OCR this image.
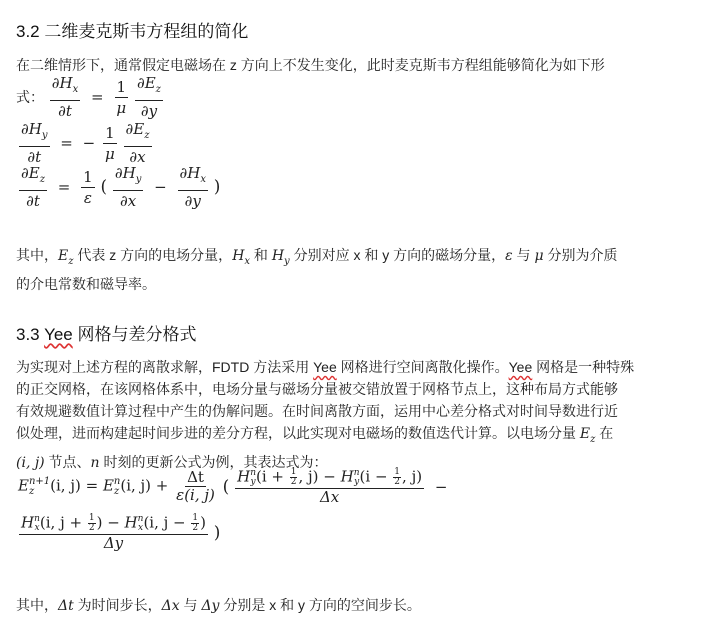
3.2 二维麦克斯韦方程组的简化

在二维情形下，通常假定电磁场在 z 方向上不发生变化，此时麦克斯韦方程组能够简化为如下形

式： $\frac{\partial H_x}{\partial t} = \frac{1}{\mu}$
$\frac{\partial E_z}{\partial y}$
$\frac{\partial H_y}{\partial t}$ = − $\frac{1}{\mu}$
$\frac{\partial E_z}{\partial x}$
$\frac{\partial E_z}{\partial t} = \frac{1}{\varepsilon}$ ( $\frac{\partial H_y}{\partial x} - \frac{\partial H_x}{\partial y}$ )

其中，$E_z$ 代表 z 方向的电场分量，$H_x$ 和 $H_y$ 分别对应 x 和 y 方向的磁场分量，ε 与 μ 分别为介质
的介电常数和磁导率。

3.3 Yee 网格与差分格式

为实现对上述方程的离散求解，FDTD 方法采用 Yee 网格进行空间离散化操作。Yee 网格是一种特殊
的正交网格，在该网格体系中，电场分量与磁场分量被交错放置于网格节点上，这种布局方式能够
有效规避数值计算过程中产生的伪解问题。在时间离散方面，运用中心差分格式对时间导数进行近
似处理，进而构建起时间步进的差分方程，以此实现对电磁场的数值迭代计算。以电场分量 $E_z$ 在
(i, j) 节点、n 时刻的更新公式为例，其表达式为：

E n+1
z	(i, j) = E n
z (i, $j) + \frac{\Delta t}{\varepsilon(i, j)}$ ( H n
y ($i + \frac{1}{2}$ , j) − H n
y ($i - \frac{1}{2}$ , j)
Δx −
H n
x (i, $j + \frac{1}{2}$ ) − H n
x (i, $j - \frac{1}{2}$ )
Δy )

其中，Δt 为时间步长，Δx 与 Δy 分别是 x 和 y 方向的空间步长。
